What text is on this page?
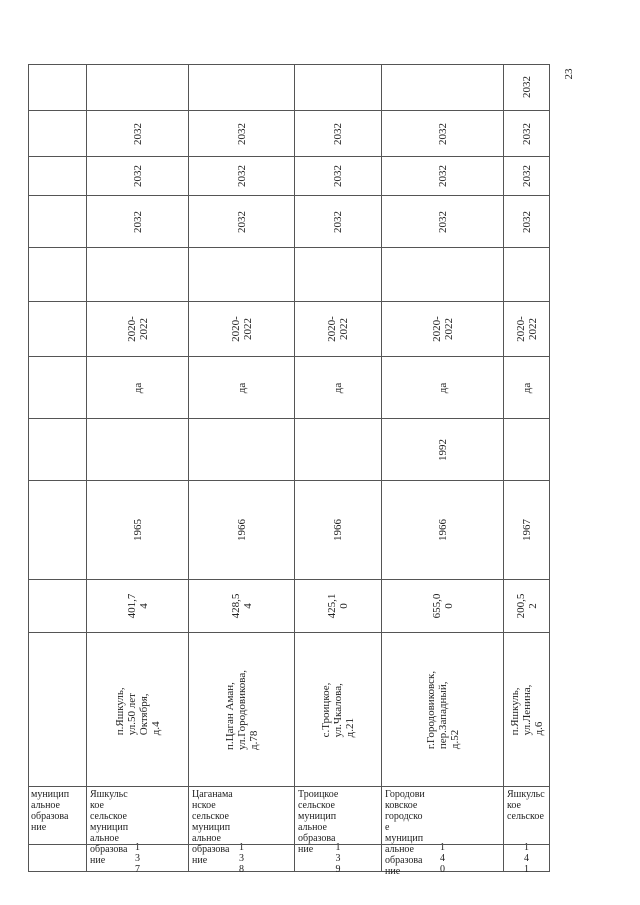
муницип
альное
образова
ние
1
3
7
Яшкульс
кое
сельское
муницип
альное
образова
ние
п.Яшкуль, ул.50 лет
Октября, д.4
401,7
4
1965
да
2020-
2022
2032
2032
2032
1
3
8
Цаганама
нское
сельское
муницип
альное
образова
ние
п.Цаган Аман,
ул.Городовикова,
д.78
428,5
4
1966
да
2020-
2022
2032
2032
2032
1
3
9
Троицкое
сельское
муницип
альное
образова
ние
с.Троицкое,
ул.Чкалова, д.21
425,1
0
1966
да
2020-
2022
2032
2032
2032
1
4
0
Городови
ковское
городско
е
муницип
альное
образова
ние
г.Городовиковск,
пер.Западный, д.52
655,0
0
1966
1992
да
2020-
2022
2032
2032
2032
1
4
1
Яшкульс
кое
сельское
п.Яшкуль, ул.Ленина,
д.6
200,5
2
1967
да
2020-
2022
2032
2032
2032
2032
23
